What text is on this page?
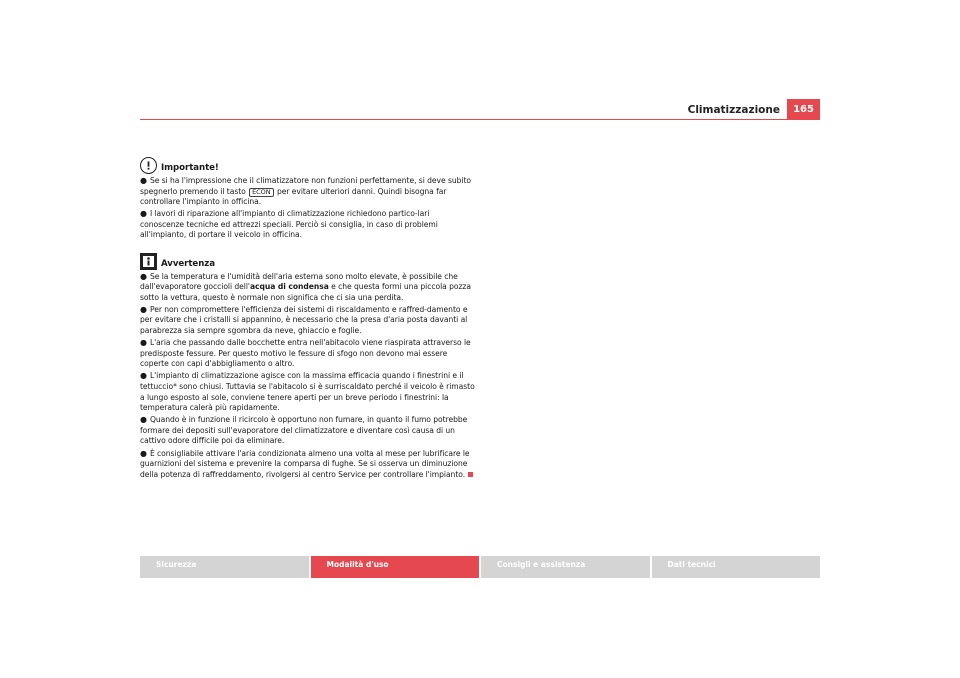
Climatizzazione	165
Importante!

● Se si ha l'impressione che il climatizzatore non funzioni perfettamente, si deve subito spegnerlo premendo il tasto ECON per evitare ulteriori danni. Quindi bisogna far controllare l'impianto in officina.

● I lavori di riparazione all'impianto di climatizzazione richiedono partico-lari conoscenze tecniche ed attrezzi speciali. Perciò si consiglia, in caso di problemi all'impianto, di portare il veicolo in officina.

Avvertenza

● Se la temperatura e l'umidità dell'aria esterna sono molto elevate, è possibile che dall'evaporatore goccioli dell'acqua di condensa e che questa formi una piccola pozza sotto la vettura, questo è normale non significa che ci sia una perdita.

● Per non compromettere l'efficienza dei sistemi di riscaldamento e raffred-damento e per evitare che i cristalli si appannino, è necessario che la presa d'aria posta davanti al parabrezza sia sempre sgombra da neve, ghiaccio e foglie.

● L'aria che passando dalle bocchette entra nell'abitacolo viene riaspirata attraverso le predisposte fessure. Per questo motivo le fessure di sfogo non devono mai essere coperte con capi d'abbigliamento o altro.

● L'impianto di climatizzazione agisce con la massima efficacia quando i finestrini e il tettuccio* sono chiusi. Tuttavia se l'abitacolo si è surriscaldato perché il veicolo è rimasto a lungo esposto al sole, conviene tenere aperti per un breve periodo i finestrini: la temperatura calerà più rapidamente.

● Quando è in funzione il ricircolo è opportuno non fumare, in quanto il fumo potrebbe formare dei depositi sull'evaporatore del climatizzatore e diventare così causa di un cattivo odore difficile poi da eliminare.

● È consigliabile attivare l'aria condizionata almeno una volta al mese per lubrificare le guarnizioni del sistema e prevenire la comparsa di fughe. Se si osserva un diminuzione della potenza di raffreddamento, rivolgersi al centro Service per controllare l'impianto.

Sicurezza	Modalità d'uso	Consigli e assistenza	Dati tecnici
